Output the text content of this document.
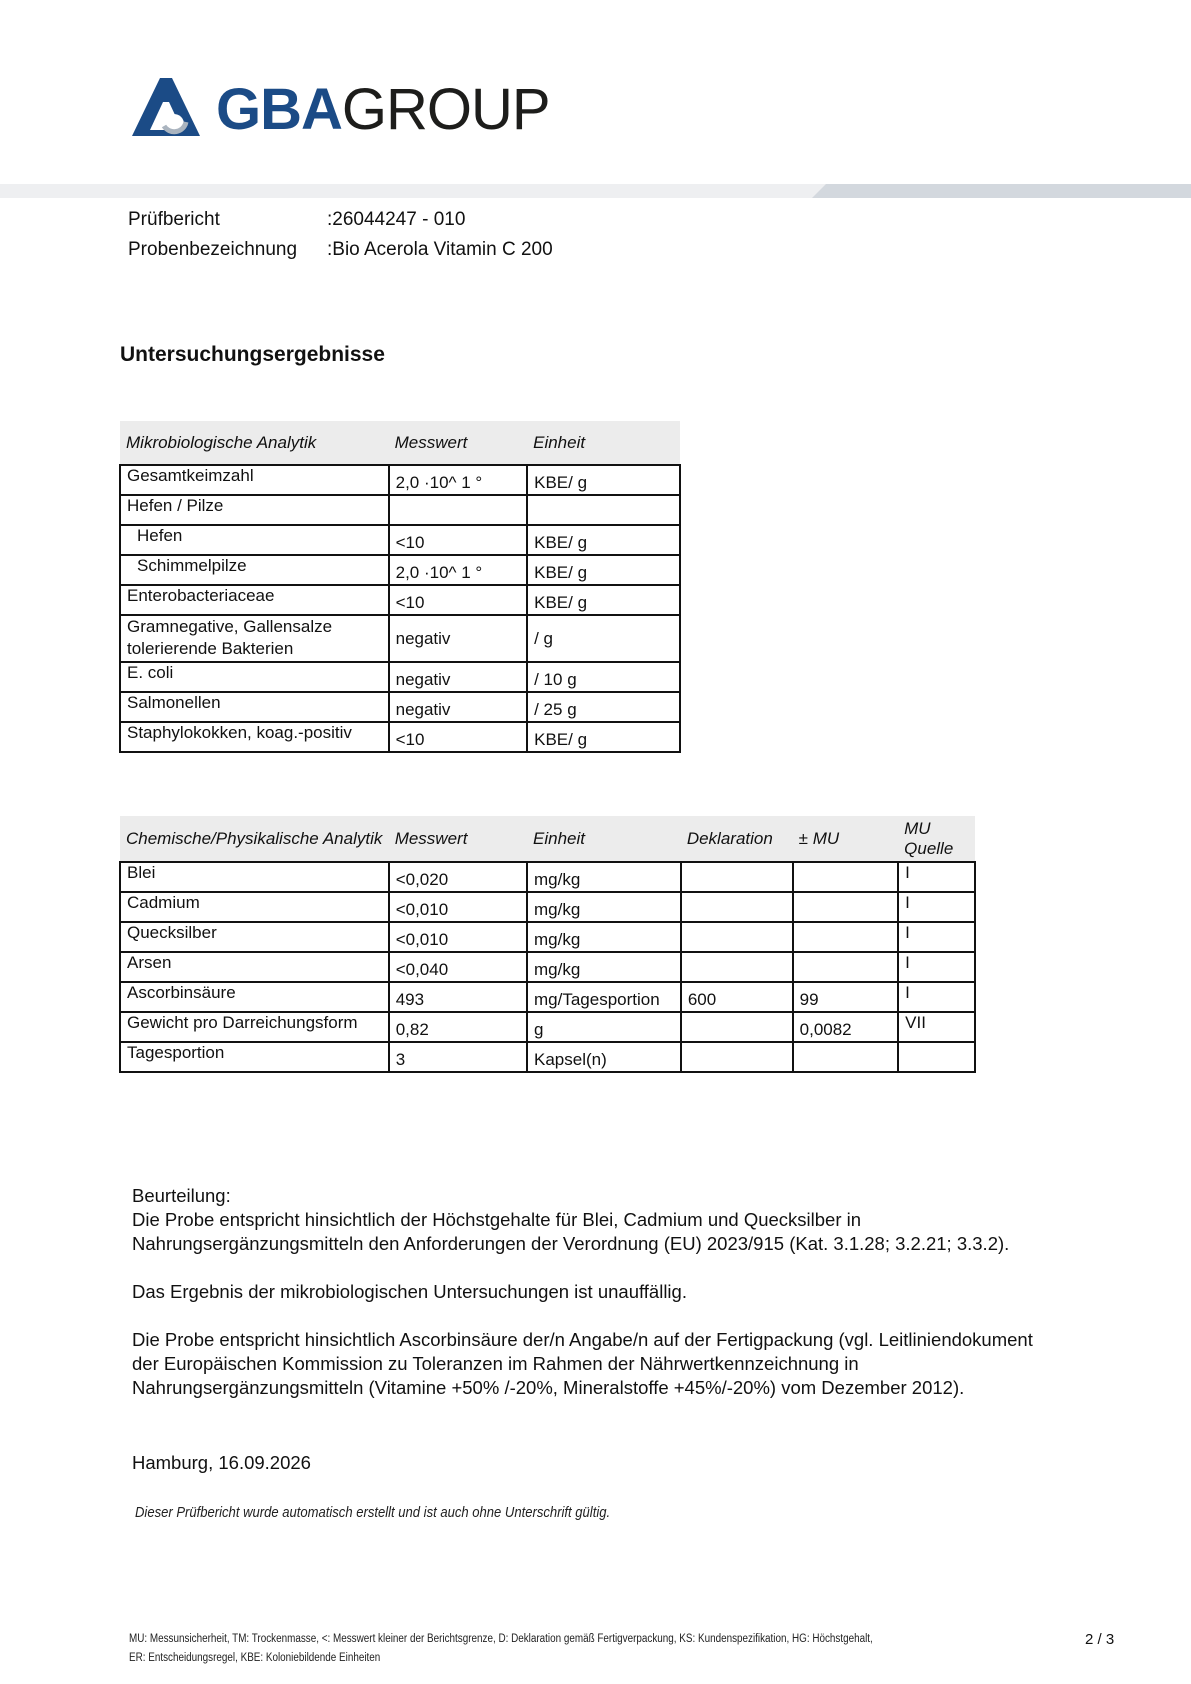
GBAGROUP
Prüfbericht	:26044247 - 010
Probenbezeichnung :Bio Acerola Vitamin C 200
Untersuchungsergebnisse
Mikrobiologische Analytik	Messwert	Einheit
Gesamtkeimzahl	2,0 ·10^ 1 °	KBE/ g
Hefen / Pilze		
Hefen	<10	KBE/ g
Schimmelpilze	2,0 ·10^ 1 °	KBE/ g
Enterobacteriaceae	<10	KBE/ g
Gramnegative, Gallensalze tolerierende Bakterien	negativ	/ g
E. coli	negativ	/ 10 g
Salmonellen	negativ	/ 25 g
Staphylokokken, koag.-positiv	<10	KBE/ g
Chemische/Physikalische Analytik	Messwert	Einheit	Deklaration	± MU	MU Quelle
Blei	<0,020	mg/kg			I
Cadmium	<0,010	mg/kg			I
Quecksilber	<0,010	mg/kg			I
Arsen	<0,040	mg/kg			I
Ascorbinsäure	493	mg/Tagesportion	600	99	I
Gewicht pro Darreichungsform	0,82	g		0,0082	VII
Tagesportion	3	Kapsel(n)			
Beurteilung:
Die Probe entspricht hinsichtlich der Höchstgehalte für Blei, Cadmium und Quecksilber in
Nahrungsergänzungsmitteln den Anforderungen der Verordnung (EU) 2023/915 (Kat. 3.1.28; 3.2.21; 3.3.2).
Das Ergebnis der mikrobiologischen Untersuchungen ist unauffällig.
Die Probe entspricht hinsichtlich Ascorbinsäure der/n Angabe/n auf der Fertigpackung (vgl. Leitliniendokument
der Europäischen Kommission zu Toleranzen im Rahmen der Nährwertkennzeichnung in
Nahrungsergänzungsmitteln (Vitamine +50% /-20%, Mineralstoffe +45%/-20%) vom Dezember 2012).
Hamburg, 16.09.2026
Dieser Prüfbericht wurde automatisch erstellt und ist auch ohne Unterschrift gültig.
MU: Messunsicherheit, TM: Trockenmasse, <: Messwert kleiner der Berichtsgrenze, D: Deklaration gemäß Fertigverpackung, KS: Kundenspezifikation, HG: Höchstgehalt,
ER: Entscheidungsregel, KBE: Koloniebildende Einheiten
2 / 3
